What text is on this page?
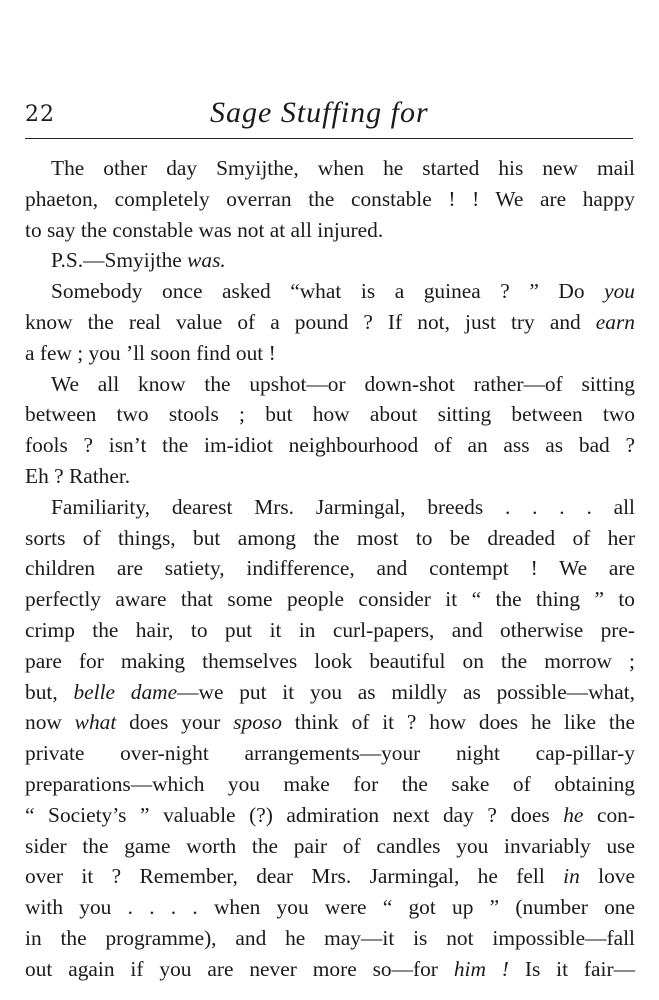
22	Sage Stuffing for
The other day Smyijthe, when he started his new mail
phaeton, completely overran the constable ! ! We are happy
to say the constable was not at all injured.
P.S.—Smyijthe was.
Somebody once asked “what is a guinea ? ” Do you
know the real value of a pound ? If not, just try and earn
a few ; you ’ll soon find out !
We all know the upshot—or down-shot rather—of sitting
between two stools ; but how about sitting between two
fools ? isn’t the im-idiot neighbourhood of an ass as bad ?
Eh ? Rather.
Familiarity, dearest Mrs. Jarmingal, breeds . . . . all
sorts of things, but among the most to be dreaded of her
children are satiety, indifference, and contempt ! We are
perfectly aware that some people consider it “ the thing ” to
crimp the hair, to put it in curl-papers, and otherwise pre-
pare for making themselves look beautiful on the morrow ;
but, belle dame—we put it you as mildly as possible—what,
now what does your sposo think of it ? how does he like the
private over-night arrangements—your night cap-pillar-y
preparations—which you make for the sake of obtaining
“ Society’s ” valuable (?) admiration next day ? does he con-
sider the game worth the pair of candles you invariably use
over it ? Remember, dear Mrs. Jarmingal, he fell in love
with you . . . . when you were “ got up ” (number one
in the programme), and he may—it is not impossible—fall
out again if you are never more so—for him ! Is it fair—
